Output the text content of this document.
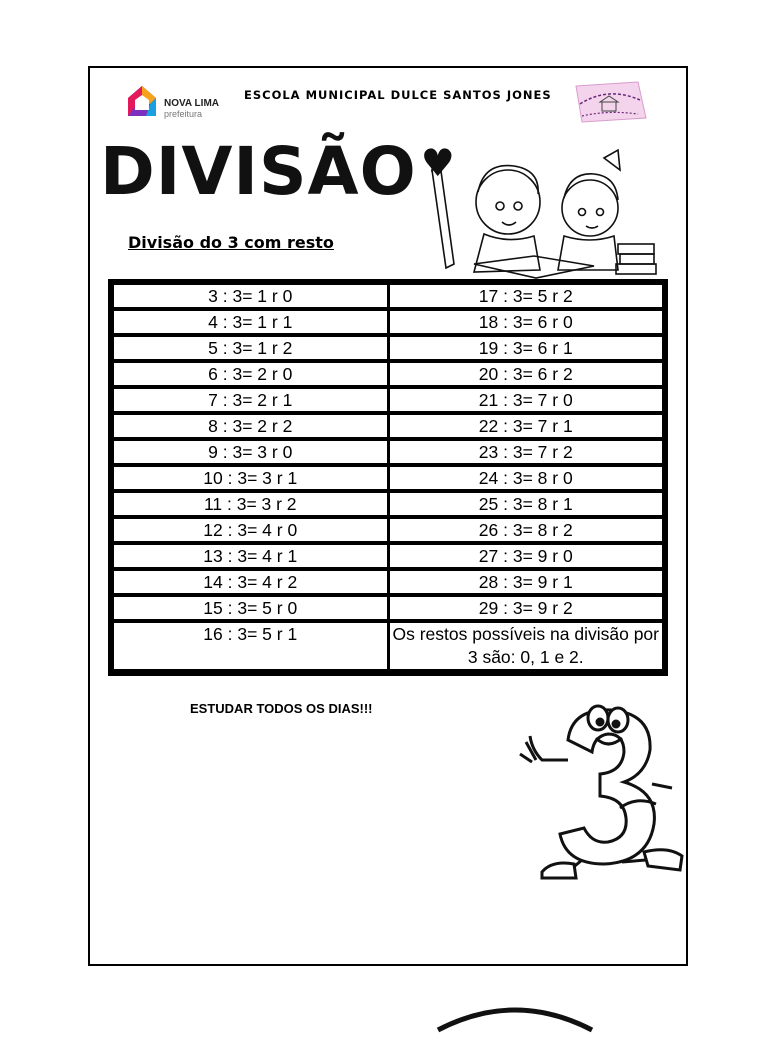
NOVA LIMA
prefeitura
ESCOLA MUNICIPAL DULCE SANTOS JONES
DIVISÃO ♥
Divisão do 3 com resto
3 : 3= 1 r 0	17 : 3= 5 r 2
4 : 3= 1 r 1	18 : 3= 6 r 0
5 : 3= 1 r 2	19 : 3= 6 r 1
6 : 3= 2 r 0	20 : 3= 6 r 2
7 : 3= 2 r 1	21 : 3= 7 r 0
8 : 3= 2 r 2	22 : 3= 7 r 1
9 : 3= 3 r 0	23 : 3= 7 r 2
10 : 3= 3 r 1	24 : 3= 8 r 0
11 : 3= 3 r 2	25 : 3= 8 r 1
12 : 3= 4 r 0	26 : 3= 8 r 2
13 : 3= 4 r 1	27 : 3= 9 r 0
14 : 3= 4 r 2	28 : 3= 9 r 1
15 : 3= 5 r 0	29 : 3= 9 r 2
16 : 3= 5 r 1	Os restos possíveis na divisão por 3 são: 0, 1 e 2.
ESTUDAR TODOS OS DIAS!!!
